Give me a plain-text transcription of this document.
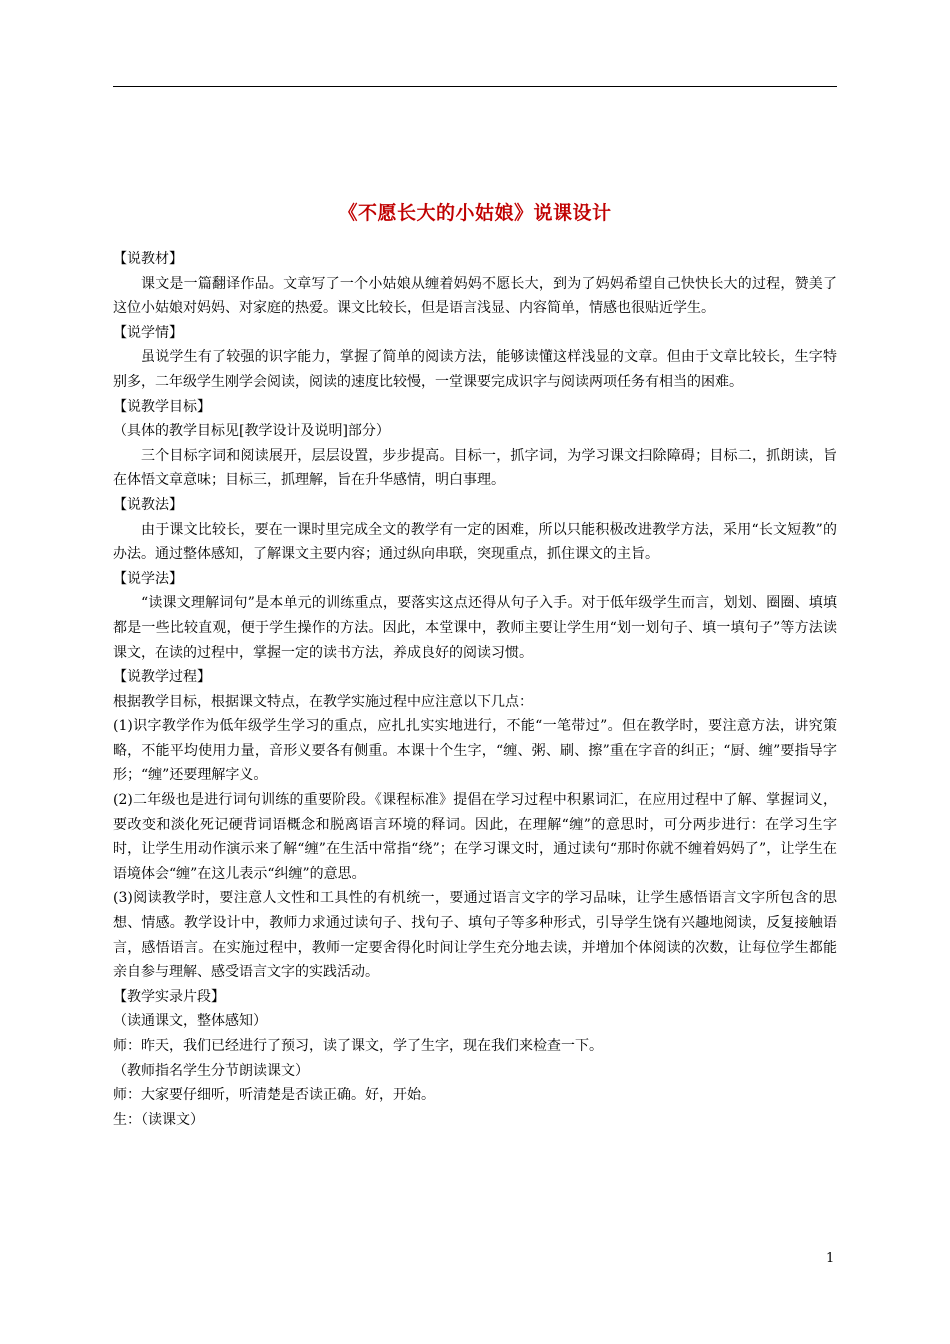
《不愿长大的小姑娘》说课设计

【说教材】

课文是一篇翻译作品。文章写了一个小姑娘从缠着妈妈不愿长大，到为了妈妈希望自己快快长大的过程，赞美了这位小姑娘对妈妈、对家庭的热爱。课文比较长，但是语言浅显、内容简单，情感也很贴近学生。

【说学情】

虽说学生有了较强的识字能力，掌握了简单的阅读方法，能够读懂这样浅显的文章。但由于文章比较长，生字特别多，二年级学生刚学会阅读，阅读的速度比较慢，一堂课要完成识字与阅读两项任务有相当的困难。

【说教学目标】

（具体的教学目标见[教学设计及说明]部分）

三个目标字词和阅读展开，层层设置，步步提高。目标一，抓字词，为学习课文扫除障碍；目标二，抓朗读，旨在体悟文章意味；目标三，抓理解，旨在升华感情，明白事理。

【说教法】

由于课文比较长，要在一课时里完成全文的教学有一定的困难，所以只能积极改进教学方法，采用“长文短教”的办法。通过整体感知，了解课文主要内容；通过纵向串联，突现重点，抓住课文的主旨。

【说学法】

“读课文理解词句”是本单元的训练重点，要落实这点还得从句子入手。对于低年级学生而言，划划、圈圈、填填都是一些比较直观，便于学生操作的方法。因此，本堂课中，教师主要让学生用“划一划句子、填一填句子”等方法读课文，在读的过程中，掌握一定的读书方法，养成良好的阅读习惯。

【说教学过程】

根据教学目标，根据课文特点，在教学实施过程中应注意以下几点：

(1)识字教学作为低年级学生学习的重点，应扎扎实实地进行，不能“一笔带过”。但在教学时，要注意方法，讲究策略，不能平均使用力量，音形义要各有侧重。本课十个生字，“缠、粥、刷、擦”重在字音的纠正；“厨、缠”要指导字形；“缠”还要理解字义。

(2)二年级也是进行词句训练的重要阶段。《课程标准》提倡在学习过程中积累词汇，在应用过程中了解、掌握词义，要改变和淡化死记硬背词语概念和脱离语言环境的释词。因此，在理解“缠”的意思时，可分两步进行：在学习生字时，让学生用动作演示来了解“缠”在生活中常指“绕”；在学习课文时，通过读句“那时你就不缠着妈妈了”，让学生在语境体会“缠”在这儿表示“纠缠”的意思。

(3)阅读教学时，要注意人文性和工具性的有机统一，要通过语言文字的学习品味，让学生感悟语言文字所包含的思想、情感。教学设计中，教师力求通过读句子、找句子、填句子等多种形式，引导学生饶有兴趣地阅读，反复接触语言，感悟语言。在实施过程中，教师一定要舍得化时间让学生充分地去读，并增加个体阅读的次数，让每位学生都能亲自参与理解、感受语言文字的实践活动。

【教学实录片段】

（读通课文，整体感知）

师：昨天，我们已经进行了预习，读了课文，学了生字，现在我们来检查一下。

（教师指名学生分节朗读课文）

师：大家要仔细听，听清楚是否读正确。好，开始。

生：（读课文）

1
